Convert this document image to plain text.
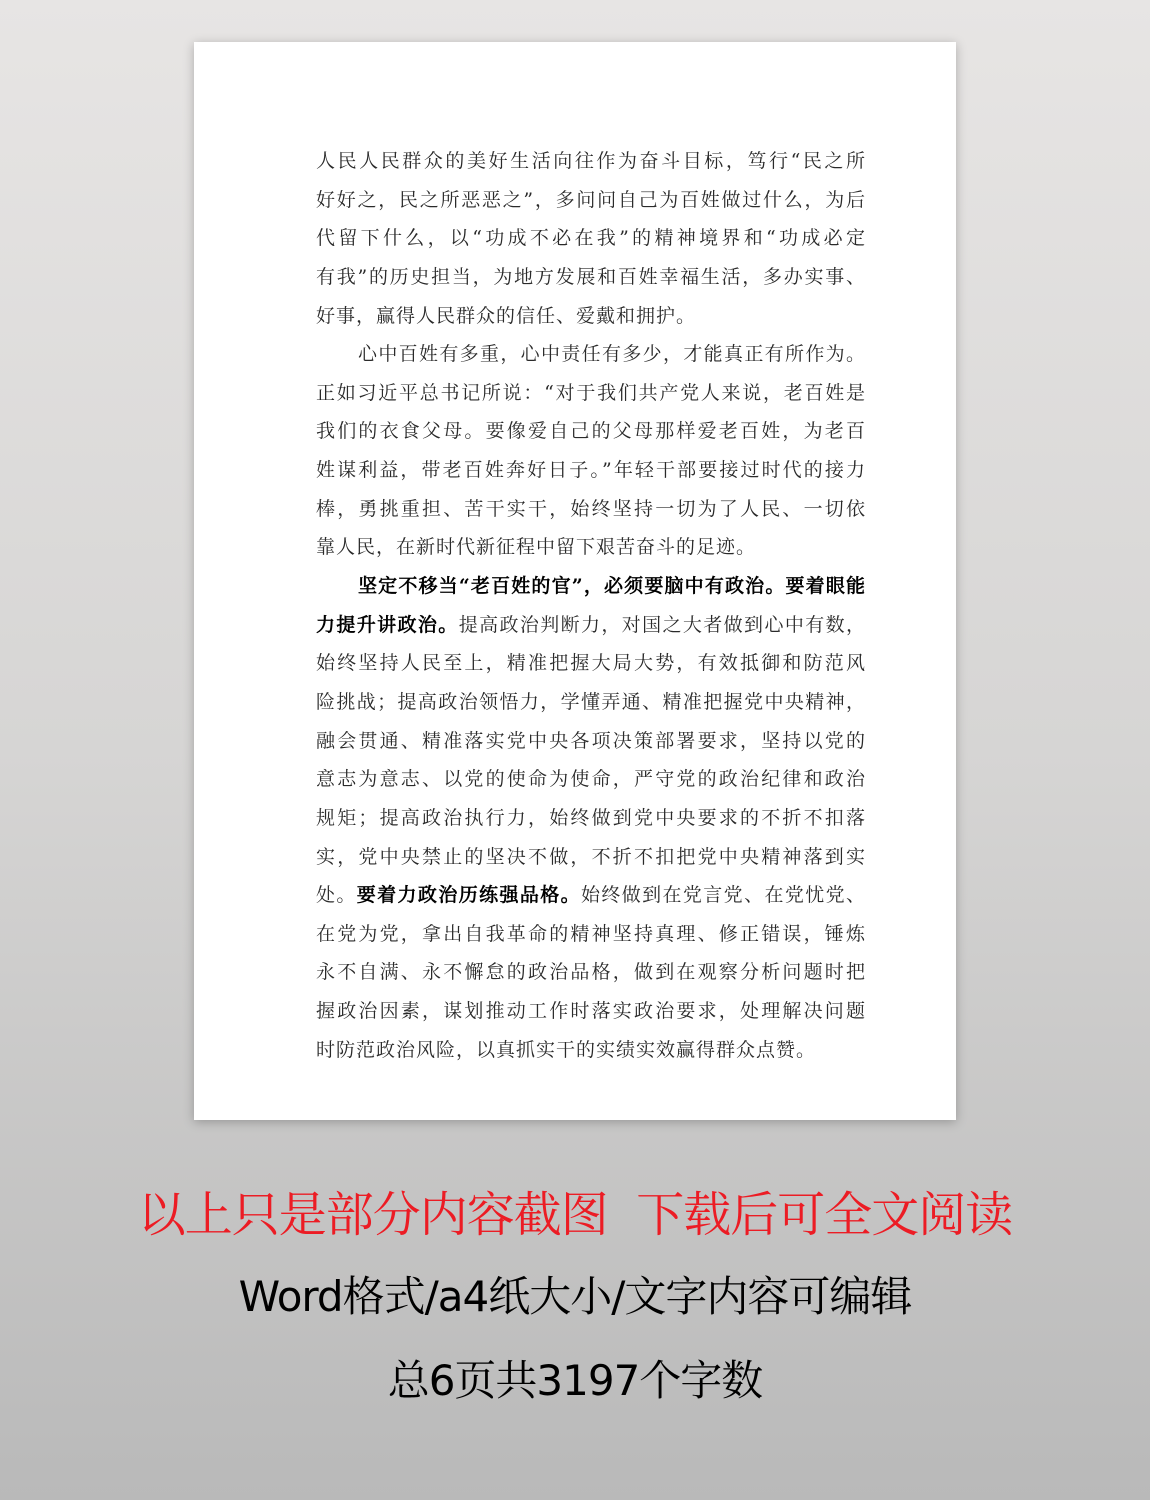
人民人民群众的美好生活向往作为奋斗目标，笃行“民之所
好好之，民之所恶恶之”，多问问自己为百姓做过什么，为后
代留下什么，以“功成不必在我”的精神境界和“功成必定
有我”的历史担当，为地方发展和百姓幸福生活，多办实事、
好事，赢得人民群众的信任、爱戴和拥护。
心中百姓有多重，心中责任有多少，才能真正有所作为。
正如习近平总书记所说：“对于我们共产党人来说，老百姓是
我们的衣食父母。要像爱自己的父母那样爱老百姓，为老百
姓谋利益，带老百姓奔好日子。”年轻干部要接过时代的接力
棒，勇挑重担、苦干实干，始终坚持一切为了人民、一切依
靠人民，在新时代新征程中留下艰苦奋斗的足迹。
坚定不移当“老百姓的官”，必须要脑中有政治。要着眼能
力提升讲政治。提高政治判断力，对国之大者做到心中有数，
始终坚持人民至上，精准把握大局大势，有效抵御和防范风
险挑战；提高政治领悟力，学懂弄通、精准把握党中央精神，
融会贯通、精准落实党中央各项决策部署要求，坚持以党的
意志为意志、以党的使命为使命，严守党的政治纪律和政治
规矩；提高政治执行力，始终做到党中央要求的不折不扣落
实，党中央禁止的坚决不做，不折不扣把党中央精神落到实
处。要着力政治历练强品格。始终做到在党言党、在党忧党、
在党为党，拿出自我革命的精神坚持真理、修正错误，锤炼
永不自满、永不懈怠的政治品格，做到在观察分析问题时把
握政治因素，谋划推动工作时落实政治要求，处理解决问题
时防范政治风险，以真抓实干的实绩实效赢得群众点赞。
以上只是部分内容截图  下载后可全文阅读
Word格式/a4纸大小/文字内容可编辑
总6页共3197个字数
